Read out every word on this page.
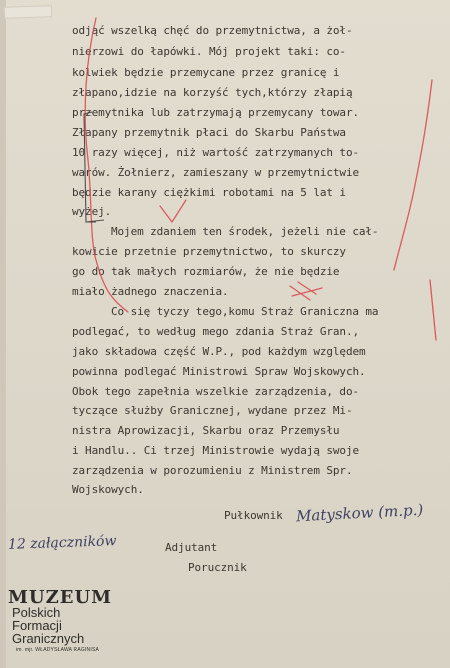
odjąć wszelką chęć do przemytnictwa, a żoł-
nierzowi do łapówki. Mój projekt taki: co-
kolwiek będzie przemycane przez granicę i
złapano,idzie na korzyść tych,którzy złapią
przemytnika lub zatrzymają przemycany towar.
Złapany przemytnik płaci do Skarbu Państwa
10 razy więcej, niż wartość zatrzymanych to-
warów. Żołnierz, zamieszany w przemytnictwie
będzie karany ciężkimi robotami na 5 lat i
wyżej.
Mojem zdaniem ten środek, jeżeli nie cał-
kowicie przetnie przemytnictwo, to skurczy
go do tak małych rozmiarów, że nie będzie
miało żadnego znaczenia.
Co się tyczy tego,komu Straż Graniczna ma
podlegać, to według mego zdania Straż Gran.,
jako składowa część W.P., pod każdym względem
powinna podlegać Ministrowi Spraw Wojskowych.
Obok tego zapełnia wszelkie zarządzenia, do-
tyczące służby Granicznej, wydane przez Mi-
nistra Aprowizacji, Skarbu oraz Przemysłu
i Handlu.. Ci trzej Ministrowie wydają swoje
zarządzenia w porozumieniu z Ministrem Spr.
Wojskowych.
Pułkownik
Adjutant
Porucznik
Matyskow (m.p.)
12 załączników
MUZEUM
Polskich
Formacji
Granicznych
im. mjr. WŁADYSŁAWA RAGINISA
